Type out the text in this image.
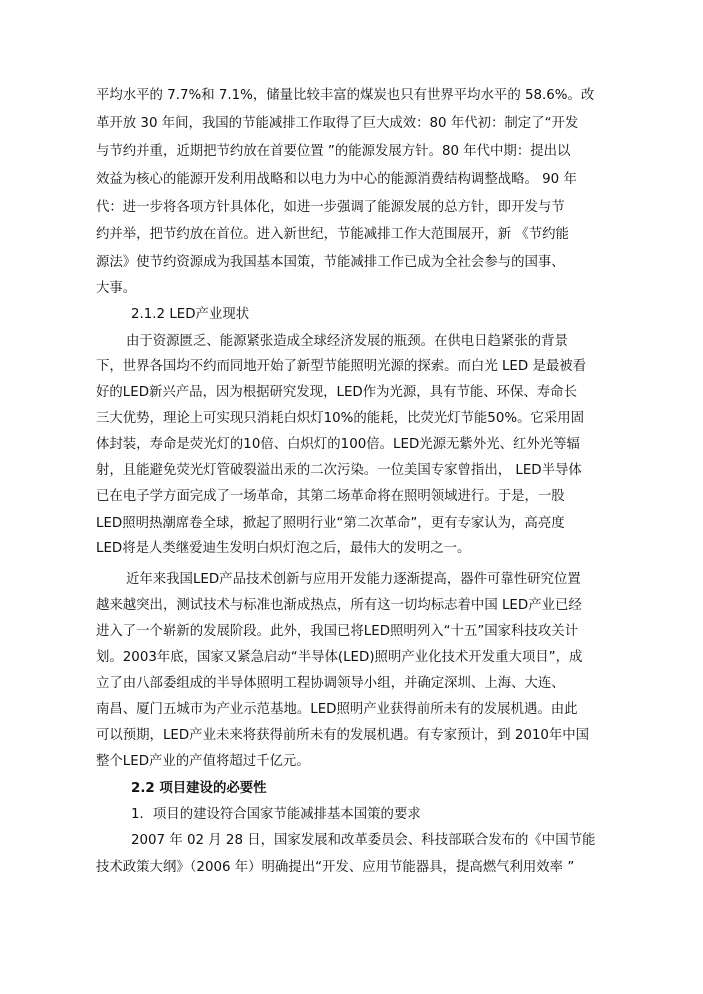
平均水平的 7.7%和 7.1%，储量比较丰富的煤炭也只有世界平均水平的 58.6%。改
革开放 30 年间，我国的节能减排工作取得了巨大成效：80 年代初：制定了“开发
与节约并重，近期把节约放在首要位置 ”的能源发展方针。80 年代中期：提出以
效益为核心的能源开发利用战略和以电力为中心的能源消费结构调整战略。 90 年
代：进一步将各项方针具体化，如进一步强调了能源发展的总方针，即开发与节
约并举，把节约放在首位。进入新世纪，节能减排工作大范围展开，新 《节约能
源法》使节约资源成为我国基本国策，节能减排工作已成为全社会参与的国事、
大事。
2.1.2 LED产业现状
由于资源匮乏、能源紧张造成全球经济发展的瓶颈。在供电日趋紧张的背景
下，世界各国均不约而同地开始了新型节能照明光源的探索。而白光 LED 是最被看
好的LED新兴产品，因为根据研究发现，LED作为光源，具有节能、环保、寿命长
三大优势，理论上可实现只消耗白炽灯10%的能耗，比荧光灯节能50%。它采用固
体封装，寿命是荧光灯的10倍、白炽灯的100倍。LED光源无紫外光、红外光等辐
射，且能避免荧光灯管破裂溢出汞的二次污染。一位美国专家曾指出， LED半导体
已在电子学方面完成了一场革命，其第二场革命将在照明领域进行。于是，一股
LED照明热潮席卷全球，掀起了照明行业“第二次革命”，更有专家认为，高亮度
LED将是人类继爱迪生发明白炽灯泡之后，最伟大的发明之一。
近年来我国LED产品技术创新与应用开发能力逐渐提高，器件可靠性研究位置
越来越突出，测试技术与标准也渐成热点，所有这一切均标志着中国 LED产业已经
进入了一个崭新的发展阶段。此外，我国已将LED照明列入“十五”国家科技攻关计
划。2003年底，国家又紧急启动“半导体(LED)照明产业化技术开发重大项目”，成
立了由八部委组成的半导体照明工程协调领导小组，并确定深圳、上海、大连、
南昌、厦门五城市为产业示范基地。LED照明产业获得前所未有的发展机遇。由此
可以预期，LED产业未来将获得前所未有的发展机遇。有专家预计，到 2010年中国
整个LED产业的产值将超过千亿元。
2.2 项目建设的必要性
1．项目的建设符合国家节能减排基本国策的要求
2007 年 02 月 28 日，国家发展和改革委员会、科技部联合发布的《中国节能
技术政策大纲》（2006 年）明确提出“开发、应用节能器具，提高燃气利用效率 ”
